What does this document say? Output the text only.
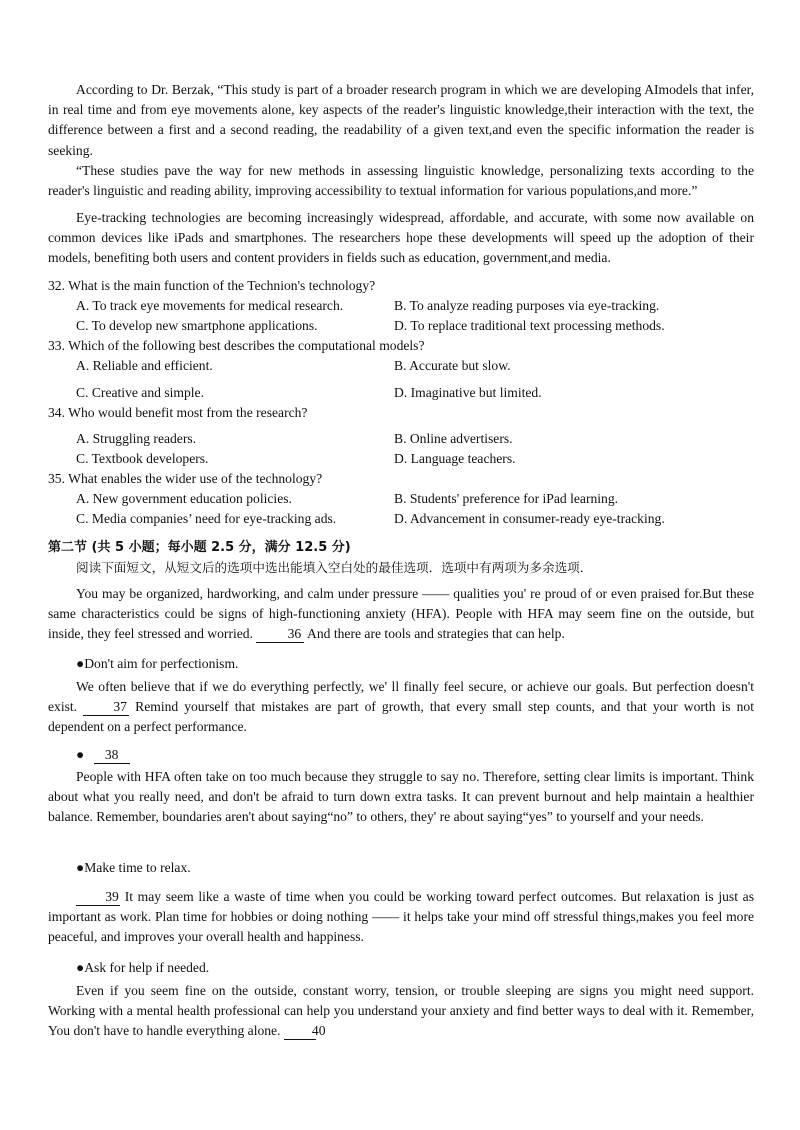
According to Dr. Berzak, “This study is part of a broader research program in which we are developing AImodels that infer, in real time and from eye movements alone, key aspects of the reader's linguistic knowledge,their interaction with the text, the difference between a first and a second reading, the readability of a given text,and even the specific information the reader is seeking.

“These studies pave the way for new methods in assessing linguistic knowledge, personalizing texts according to the reader's linguistic and reading ability, improving accessibility to textual information for various populations,and more.”

Eye-tracking technologies are becoming increasingly widespread, affordable, and accurate, with some now available on common devices like iPads and smartphones. The researchers hope these developments will speed up the adoption of their models, benefiting both users and content providers in fields such as education, government,and media.

32. What is the main function of the Technion's technology?
A. To track eye movements for medical research.	B. To analyze reading purposes via eye-tracking.
C. To develop new smartphone applications.	D. To replace traditional text processing methods.
33. Which of the following best describes the computational models?
A. Reliable and efficient.	B. Accurate but slow.
C. Creative and simple.	D. Imaginative but limited.
34. Who would benefit most from the research?
A. Struggling readers.	B. Online advertisers.
C. Textbook developers.	D. Language teachers.
35. What enables the wider use of the technology?
A. New government education policies.	B. Students' preference for iPad learning.
C. Media companies’ need for eye-tracking ads.	D. Advancement in consumer-ready eye-tracking.
第二节 (共 5 小题；每小题 2.5 分，满分 12.5 分)
阅读下面短文，从短文后的选项中选出能填入空白处的最佳选项．选项中有两项为多余选项．

You may be organized, hardworking, and calm under pressure —— qualities you' re proud of or even praised for.But these same characteristics could be signs of high-functioning anxiety (HFA). People with HFA may seem fine on the outside, but inside, they feel stressed and worried.	36 And there are tools and strategies that can help.

●Don't aim for perfectionism.

We often believe that if we do everything perfectly, we' ll finally feel secure, or achieve our goals. But perfection doesn't exist.	37 Remind yourself that mistakes are part of growth, that every small step counts, and that your worth is not dependent on a perfect performance.

● 38

People with HFA often take on too much because they struggle to say no. Therefore, setting clear limits is important. Think about what you really need, and don't be afraid to turn down extra tasks. It can prevent burnout and help maintain a healthier balance. Remember, boundaries aren't about saying“no” to others, they' re about saying“yes” to yourself and your needs.

●Make time to relax.

39 It may seem like a waste of time when you could be working toward perfect outcomes. But relaxation is just as important as work. Plan time for hobbies or doing nothing —— it helps take your mind off stressful things,makes you feel more peaceful, and improves your overall health and happiness.

●Ask for help if needed.

Even if you seem fine on the outside, constant worry, tension, or trouble sleeping are signs you might need support. Working with a mental health professional can help you understand your anxiety and find better ways to deal with it. Remember, You don't have to handle everything alone. 40
